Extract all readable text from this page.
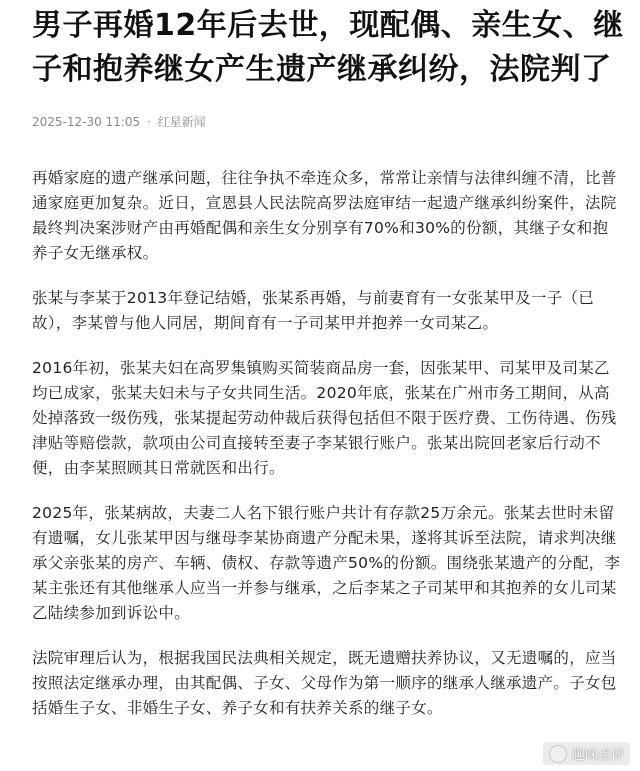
男子再婚12年后去世，现配偶、亲生女、继子和抱养继女产生遗产继承纠纷，法院判了
2025-12-30 11:05 · 红星新闻

再婚家庭的遗产继承问题，往往争执不牵连众多，常常让亲情与法律纠缠不清，比普通家庭更加复杂。近日，宣恩县人民法院高罗法庭审结一起遗产继承纠纷案件，法院最终判决案涉财产由再婚配偶和亲生女分别享有70%和30%的份额，其继子女和抱养子女无继承权。

张某与李某于2013年登记结婚，张某系再婚，与前妻育有一女张某甲及一子（已故），李某曾与他人同居，期间育有一子司某甲并抱养一女司某乙。

2016年初，张某夫妇在高罗集镇购买简装商品房一套，因张某甲、司某甲及司某乙均已成家，张某夫妇未与子女共同生活。2020年底，张某在广州市务工期间，从高处掉落致一级伤残，张某提起劳动仲裁后获得包括但不限于医疗费、工伤待遇、伤残津贴等赔偿款，款项由公司直接转至妻子李某银行账户。张某出院回老家后行动不便，由李某照顾其日常就医和出行。

2025年，张某病故，夫妻二人名下银行账户共计有存款25万余元。张某去世时未留有遗嘱，女儿张某甲因与继母李某协商遗产分配未果，遂将其诉至法院，请求判决继承父亲张某的房产、车辆、债权、存款等遗产50%的份额。围绕张某遗产的分配，李某主张还有其他继承人应当一并参与继承，之后李某之子司某甲和其抱养的女儿司某乙陆续参加到诉讼中。

法院审理后认为，根据我国民法典相关规定，既无遗赠扶养协议，又无遗嘱的，应当按照法定继承办理，由其配偶、子女、父母作为第一顺序的继承人继承遗产。子女包括婚生子女、非婚生子女、养子女和有扶养关系的继子女。

趣味点评
